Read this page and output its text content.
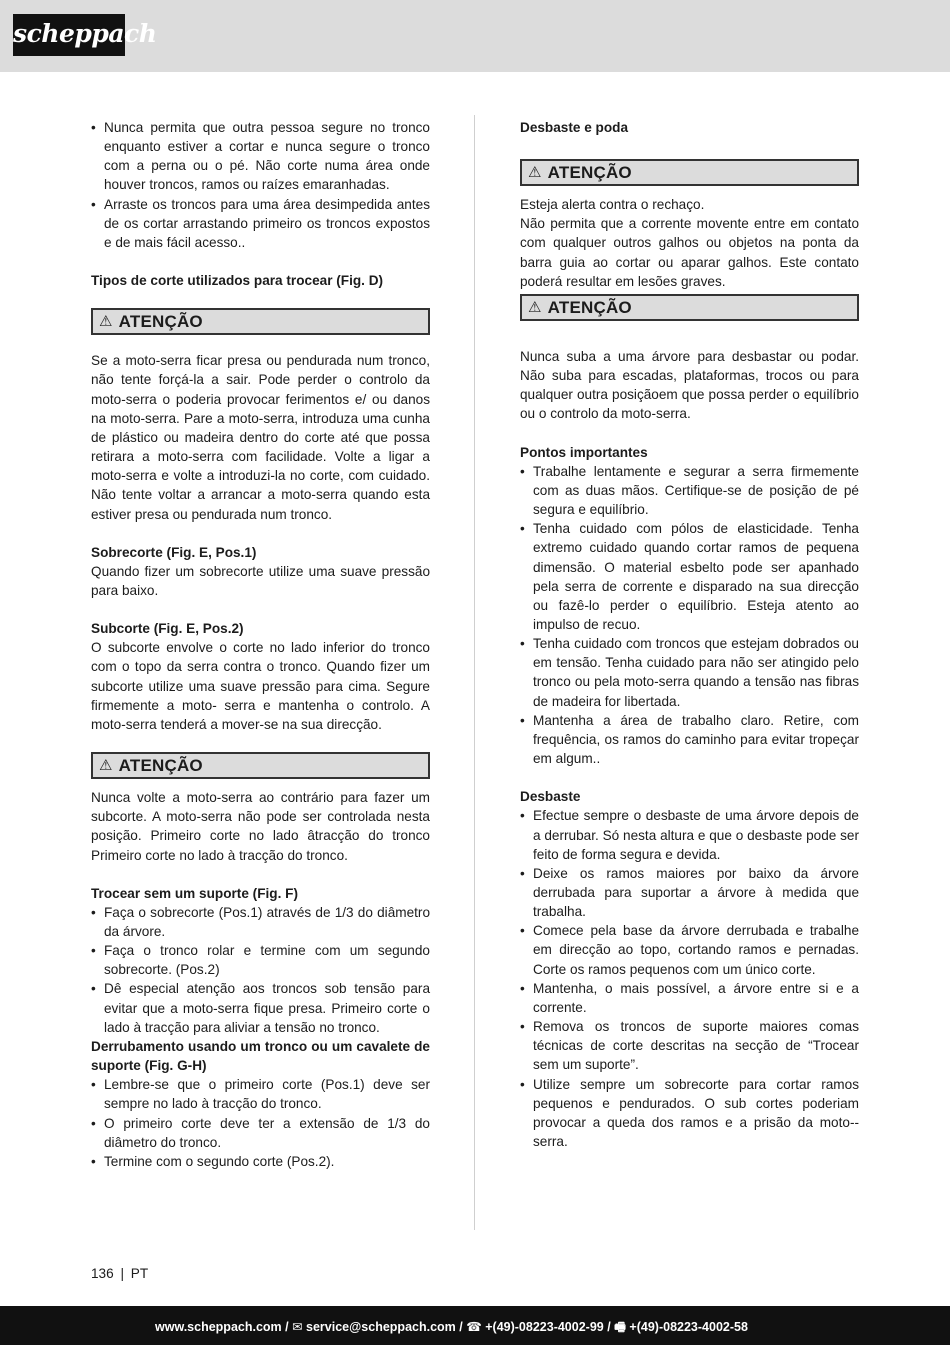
scheppach
• Nunca permita que outra pessoa segure no tronco enquanto estiver a cortar e nunca segure o tronco com a perna ou o pé. Não corte numa área onde houver troncos, ramos ou raízes emaranhadas.
• Arraste os troncos para uma área desimpedida antes de os cortar arrastando primeiro os troncos expostos e de mais fácil acesso..

Tipos de corte utilizados para trocear (Fig. D)

⚠ ATENÇÃO

Se a moto-serra ficar presa ou pendurada num tronco, não tente forçá-la a sair. Pode perder o controlo da moto-serra o poderia provocar ferimentos e/ ou danos na moto-serra. Pare a moto-serra, introduza uma cunha de plástico ou madeira dentro do corte até que possa retirara a moto-serra com facilidade. Volte a ligar a moto-serra e volte a introduzi-la no corte, com cuidado. Não tente voltar a arrancar a moto-serra quando esta estiver presa ou pendurada num tronco.

Sobrecorte (Fig. E, Pos.1)

Quando fizer um sobrecorte utilize uma suave pressão para baixo.

Subcorte (Fig. E, Pos.2)

O subcorte envolve o corte no lado inferior do tronco com o topo da serra contra o tronco. Quando fizer um subcorte utilize uma suave pressão para cima. Segure firmemente a moto- serra e mantenha o controlo. A moto-serra tenderá a mover-se na sua direcção.

⚠ ATENÇÃO

Nunca volte a moto-serra ao contrário para fazer um subcorte. A moto-serra não pode ser controlada nesta posição. Primeiro corte no lado âtracção do tronco Primeiro corte no lado à tracção do tronco.

Trocear sem um suporte (Fig. F)

• Faça o sobrecorte (Pos.1) através de 1/3 do diâmetro da árvore.
• Faça o tronco rolar e termine com um segundo sobrecorte. (Pos.2)
• Dê especial atenção aos troncos sob tensão para evitar que a moto-serra fique presa. Primeiro corte o lado à tracção para aliviar a tensão no tronco.

Derrubamento usando um tronco ou um cavalete de suporte (Fig. G-H)

• Lembre-se que o primeiro corte (Pos.1) deve ser sempre no lado à tracção do tronco.
• O primeiro corte deve ter a extensão de 1/3 do diâmetro do tronco.
• Termine com o segundo corte (Pos.2).

Desbaste e poda

⚠ ATENÇÃO

Esteja alerta contra o rechaço.

Não permita que a corrente movente entre em contato com qualquer outros galhos ou objetos na ponta da barra guia ao cortar ou aparar galhos. Este contato poderá resultar em lesões graves.

⚠ ATENÇÃO

Nunca suba a uma árvore para desbastar ou podar. Não suba para escadas, plataformas, trocos ou para qualquer outra posiçãoem que possa perder o equilíbrio ou o controlo da moto-serra.

Pontos importantes

• Trabalhe lentamente e segurar a serra firmemente com as duas mãos. Certifique-se de posição de pé segura e equilíbrio.
• Tenha cuidado com pólos de elasticidade. Tenha extremo cuidado quando cortar ramos de pequena dimensão. O material esbelto pode ser apanhado pela serra de corrente e disparado na sua direcção ou fazê-lo perder o equilíbrio. Esteja atento ao impulso de recuo.
• Tenha cuidado com troncos que estejam dobrados ou em tensão. Tenha cuidado para não ser atingido pelo tronco ou pela moto-serra quando a tensão nas fibras de madeira for libertada.
• Mantenha a área de trabalho claro. Retire, com frequência, os ramos do caminho para evitar tropeçar em algum..

Desbaste

• Efectue sempre o desbaste de uma árvore depois de a derrubar. Só nesta altura e que o desbaste pode ser feito de forma segura e devida.
• Deixe os ramos maiores por baixo da árvore derrubada para suportar a árvore à medida que trabalha.
• Comece pela base da árvore derrubada e trabalhe em direcção ao topo, cortando ramos e pernadas. Corte os ramos pequenos com um único corte.
• Mantenha, o mais possível, a árvore entre si e a corrente.
• Remova os troncos de suporte maiores comas técnicas de corte descritas na secção de “Trocear sem um suporte”.
• Utilize sempre um sobrecorte para cortar ramos pequenos e pendurados. O sub cortes poderiam provocar a queda dos ramos e a prisão da moto--serra.
136 | PT
www.scheppach.com / ✉ service@scheppach.com / ☎ +(49)-08223-4002-99 / 🖷 +(49)-08223-4002-58
